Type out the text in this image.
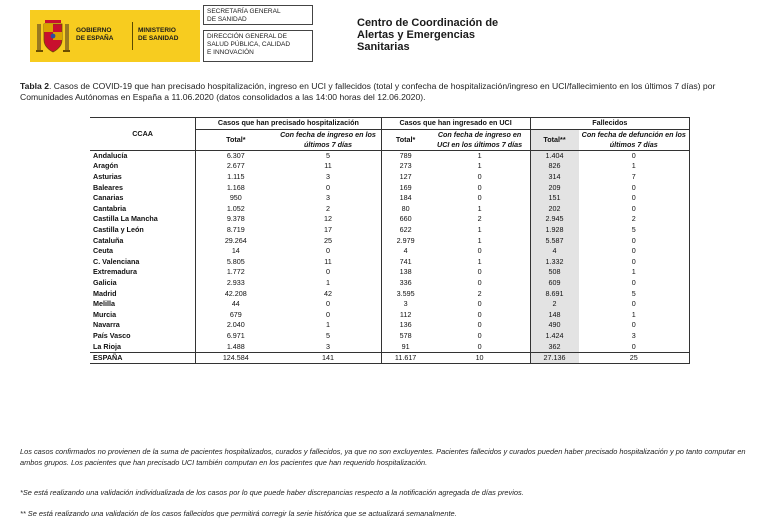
GOBIERNO
DE ESPAÑA
MINISTERIO
DE SANIDAD
SECRETARÍA GENERAL
DE SANIDAD
DIRECCIÓN GENERAL DE
SALUD PÚBLICA, CALIDAD
E INNOVACIÓN
Centro de Coordinación de
Alertas y Emergencias
Sanitarias
Tabla 2. Casos de COVID-19 que han precisado hospitalización, ingreso en UCI y fallecidos (total y confecha de hospitalización/ingreso en UCI/fallecimiento en los últimos 7 días) por Comunidades Autónomas en España a 11.06.2020 (datos consolidados a las 14:00 horas del 12.06.2020).
CCAA	Casos que han precisado hospitalización		Casos que han ingresado en UCI		Fallecidos	
	Total*	Con fecha de ingreso en los últimos 7 días	Total*	Con fecha de ingreso en UCI en los últimos 7 días	Total**	Con fecha de defunción en los últimos 7 días
Andalucía	6.307	5	789	1	1.404	0
Aragón	2.677	11	273	1	826	1
Asturias	1.115	3	127	0	314	7
Baleares	1.168	0	169	0	209	0
Canarias	950	3	184	0	151	0
Cantabria	1.052	2	80	1	202	0
Castilla La Mancha	9.378	12	660	2	2.945	2
Castilla y León	8.719	17	622	1	1.928	5
Cataluña	29.264	25	2.979	1	5.587	0
Ceuta	14	0	4	0	4	0
C. Valenciana	5.805	11	741	1	1.332	0
Extremadura	1.772	0	138	0	508	1
Galicia	2.933	1	336	0	609	0
Madrid	42.208	42	3.595	2	8.691	5
Melilla	44	0	3	0	2	0
Murcia	679	0	112	0	148	1
Navarra	2.040	1	136	0	490	0
País Vasco	6.971	5	578	0	1.424	3
La Rioja	1.488	3	91	0	362	0
ESPAÑA	124.584	141	11.617	10	27.136	25
Los casos confirmados no provienen de la suma de pacientes hospitalizados, curados y fallecidos, ya que no son excluyentes. Pacientes fallecidos y curados pueden haber precisado hospitalización y po tanto computar en ambos grupos. Los pacientes que han precisado UCI también computan en los pacientes que han requerido hospitalización.
*Se está realizando una validación individualizada de los casos por lo que puede haber discrepancias respecto a la notificación agregada de días previos.
** Se está realizando una validación de los casos fallecidos que permitirá corregir la serie histórica que se actualizará semanalmente.
